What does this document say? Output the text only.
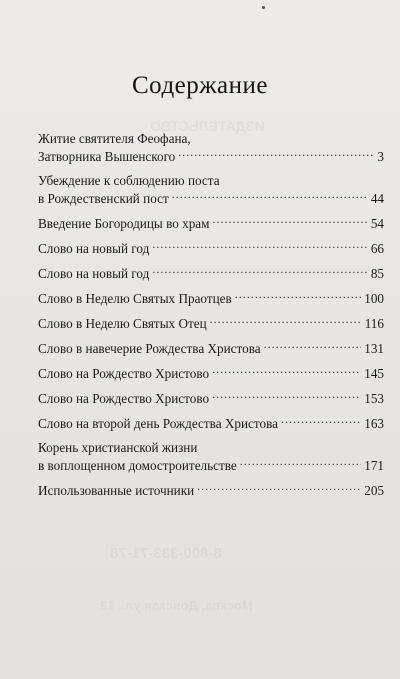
ИЗДАТЕЛЬСТВО
8-800-333-71-78
Москва, Донская ул., 13
Содержание
Житие святителя Феофана,
Затворника Вышенского .....	3
Убеждение к соблюдению поста
в Рождественский пост .....	44
Введение Богородицы во храм .....	54
Слово на новый год .....	66
Слово на новый год .....	85
Слово в Неделю Святых Праотцев .....	100
Слово в Неделю Святых Отец .....	116
Слово в навечерие Рождества Христова .....	131
Слово на Рождество Христово .....	145
Слово на Рождество Христово .....	153
Слово на второй день Рождества Христова .....	163
Корень христианской жизни
в воплощенном домостроительстве .....	171
Использованные источники .....	205
